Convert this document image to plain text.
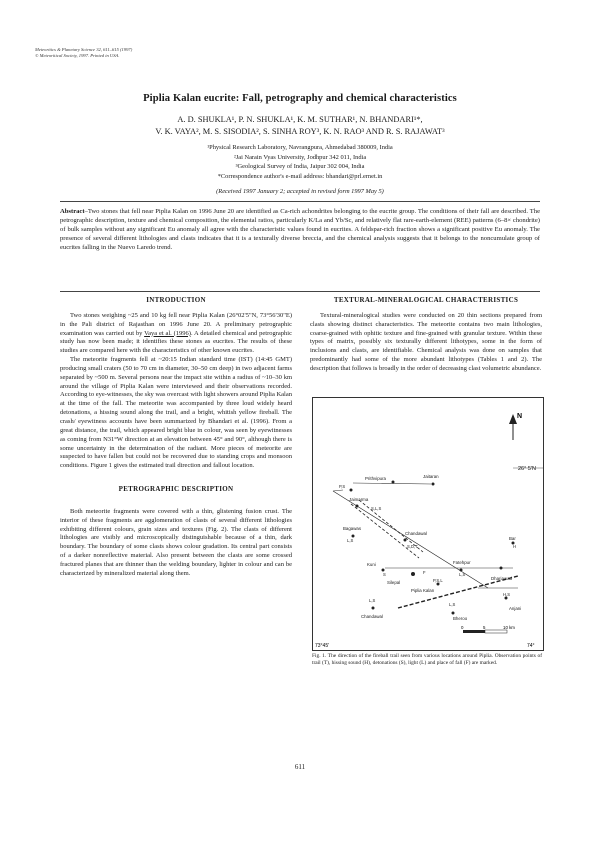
Meteoritics & Planetary Science 32, 611–615 (1997)
© Meteoritical Society, 1997. Printed in USA.
Piplia Kalan eucrite: Fall, petrography and chemical characteristics
A. D. SHUKLA¹, P. N. SHUKLA¹, K. M. SUTHAR¹, N. BHANDARI¹*,
V. K. VAYA², M. S. SISODIA², S. SINHA ROY³, K. N. RAO³ AND R. S. RAJAWAT³
¹Physical Research Laboratory, Navrangpura, Ahmedabad 380009, India
²Jai Narain Vyas University, Jodhpur 342 011, India
³Geological Survey of India, Jaipur 302 004, India
*Correspondence author's e-mail address: bhandari@prl.ernet.in
(Received 1997 January 2; accepted in revised form 1997 May 5)
Abstract–Two stones that fell near Piplia Kalan on 1996 June 20 are identified as Ca-rich achondrites belonging to the eucrite group. The conditions of their fall are described. The petrographic description, texture and chemical composition, the elemental ratios, particularly K/La and Yb/Sc, and relatively flat rare-earth-element (REE) patterns (6–8× chondrite) of bulk samples without any significant Eu anomaly all agree with the characteristic values found in eucrites. A feldspar-rich fraction shows a significant positive Eu anomaly. The presence of several different lithologies and clasts indicates that it is a texturally diverse breccia, and the chemical analysis suggests that it belongs to the noncumulate group of eucrites falling in the Nuevo Laredo trend.
INTRODUCTION

Two stones weighing ~25 and 10 kg fell near Piplia Kalan (26°02'5"N, 73°56'30"E) in the Pali district of Rajasthan on 1996 June 20. A preliminary petrographic examination was carried out by Vaya et al. (1996). A detailed chemical and petrographic study has now been made; it identifies these stones as eucrites. The results of these studies are compared here with the characteristics of other known eucrites.

The meteorite fragments fell at ~20:15 Indian standard time (IST) (14:45 GMT) producing small craters (50 to 70 cm in diameter, 30–50 cm deep) in two adjacent farms separated by ~500 m. Several persons near the impact site within a radius of ~10–30 km around the village of Piplia Kalan were interviewed and their observations recorded. According to eye-witnesses, the sky was overcast with light showers around Piplia Kalan at the time of the fall. The meteorite was accompanied by three loud widely heard detonations, a hissing sound along the trail, and a bright, whitish yellow fireball. The crash/ eyewitness accounts have been summarized by Bhandari et al. (1996). From a great distance, the trail, which appeared bright blue in colour, was seen by eyewitnesses as coming from N31°W direction at an elevation between 45° and 90°, although there is some uncertainty in the determination of the radiant. More pieces of meteorite are suspected to have fallen but could not be recovered due to standing crops and monsoon conditions. Figure 1 gives the estimated trail direction and fallout location.

PETROGRAPHIC DESCRIPTION

Both meteorite fragments were covered with a thin, glistening fusion crust. The interior of these fragments are agglomeration of clasts of several different lithologies exhibiting different colours, grain sizes and textures (Fig. 2). The clasts of different lithologies are visibly and microscopically distinguishable because of a thin, dark boundary. The boundary of some clasts shows colour gradation. Its central part consists of a darker nonreflective material. Also present between the clasts are some crossed fractured planes that are thinner than the welding boundary, lighter in colour and can be characterized by mineralized material along them.

TEXTURAL-MINERALOGICAL CHARACTERISTICS

Textural-mineralogical studies were conducted on 20 thin sections prepared from clasts showing distinct characteristics. The meteorite contains two main lithologies, coarse-grained with ophitic texture and fine-grained with granular texture. Within these types of matrix, possibly six texturally different lithotypes, some in the form of inclusions and clasts, are identifiable. Chemical analysis was done on samples that predominantly had some of the more abundant lithotypes (Tables 1 and 2). The description that follows is broadly in the order of decreasing clast volumetric abundance.

N
26° 5'N
Prithvipura	Jaitaran
Jaimarma
Bagawas
Chandawal
Kuni
Silepal
Piplia Kalan
Fatehpur
Dhariawad
Bar
Chandawal	Bheroo
Anjani
P,S
S,L,S
L,S
S,D,T
S	F
P,S,L
L,S
H
L,S
L,S
H,S
0	5	10 km
73°45'	74°
Fig. 1. The direction of the fireball trail seen from various locations around Piplia. Observation points of trail (T), hissing sound (H), detonations (S), light (L) and place of fall (F) are marked.
611
